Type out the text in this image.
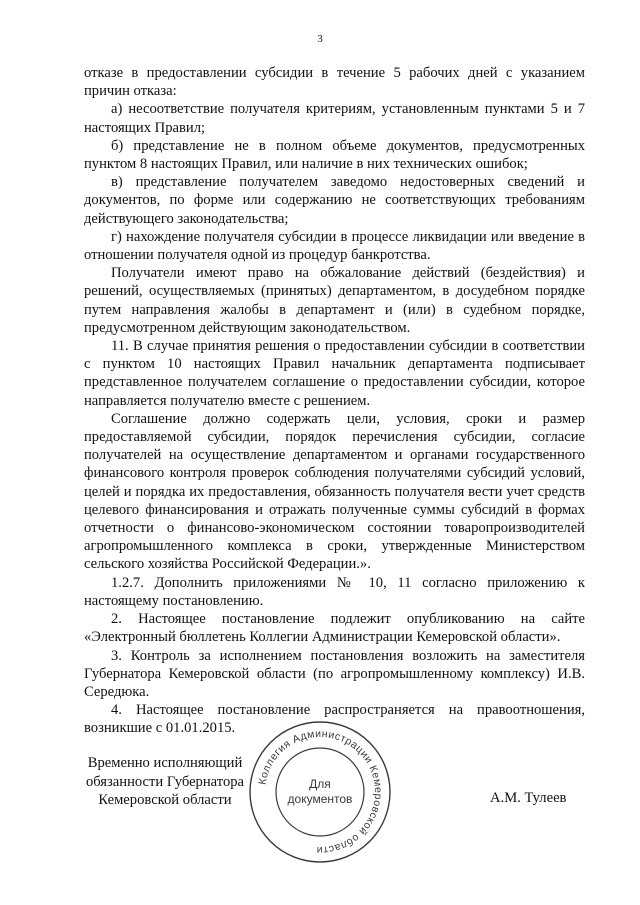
3

отказе в предоставлении субсидии в течение 5 рабочих дней с указанием причин отказа:

а) несоответствие получателя критериям, установленным пунктами 5 и 7 настоящих Правил;

б) представление не в полном объеме документов, предусмотренных пунктом 8 настоящих Правил, или наличие в них технических ошибок;

в) представление получателем заведомо недостоверных сведений и документов, по форме или содержанию не соответствующих требованиям действующего законодательства;

г) нахождение получателя субсидии в процессе ликвидации или введение в отношении получателя одной из процедур банкротства.

Получатели имеют право на обжалование действий (бездействия) и решений, осуществляемых (принятых) департаментом, в досудебном порядке путем направления жалобы в департамент и (или) в судебном порядке, предусмотренном действующим законодательством.

11. В случае принятия решения о предоставлении субсидии в соответствии с пунктом 10 настоящих Правил начальник департамента подписывает представленное получателем соглашение о предоставлении субсидии, которое направляется получателю вместе с решением.

Соглашение должно содержать цели, условия, сроки и размер предоставляемой субсидии, порядок перечисления субсидии, согласие получателей на осуществление департаментом и органами государственного финансового контроля проверок соблюдения получателями субсидий условий, целей и порядка их предоставления, обязанность получателя вести учет средств целевого финансирования и отражать полученные суммы субсидий в формах отчетности о финансово-экономическом состоянии товаропроизводителей агропромышленного комплекса в сроки, утвержденные Министерством сельского хозяйства Российской Федерации.».

1.2.7. Дополнить приложениями № 10, 11 согласно приложению к настоящему постановлению.

2. Настоящее постановление подлежит опубликованию на сайте «Электронный бюллетень Коллегии Администрации Кемеровской области».

3. Контроль за исполнением постановления возложить на заместителя Губернатора Кемеровской области (по агропромышленному комплексу) И.В. Середюка.

4. Настоящее постановление распространяется на правоотношения, возникшие с 01.01.2015.

Временно исполняющий
обязанности Губернатора
Кемеровской области
Коллегия Администрации Кемеровской области
Для
документов	А.М. Тулеев
